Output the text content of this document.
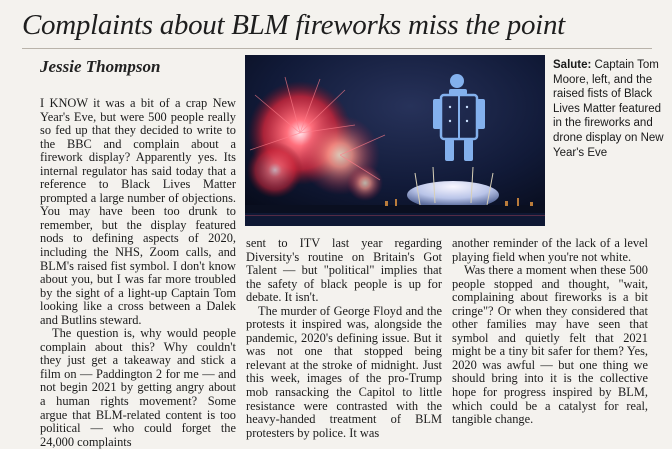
Complaints about BLM fireworks miss the point
Jessie Thompson	Salute: Captain Tom Moore, left, and the raised fists of Black Lives Matter featured in the fireworks and drone display on New Year's Eve

I KNOW it was a bit of a crap New Year's Eve, but were 500 people really so fed up that they decided to write to the BBC and complain about a firework display? Apparently yes. Its internal regulator has said today that a reference to Black Lives Matter prompted a large number of objections. You may have been too drunk to remember, but the display featured nods to defining aspects of 2020, including the NHS, Zoom calls, and BLM's raised fist symbol. I don't know about you, but I was far more troubled by the sight of a light-up Captain Tom looking like a cross between a Dalek and Butlins steward.

The question is, why would people complain about this? Why couldn't they just get a takeaway and stick a film on — Paddington 2 for me — and not begin 2021 by getting angry about a human rights movement? Some argue that BLM-related content is too political — who could forget the 24,000 complaints

sent to ITV last year regarding Diversity's routine on Britain's Got Talent — but "political" implies that the safety of black people is up for debate. It isn't.

The murder of George Floyd and the protests it inspired was, alongside the pandemic, 2020's defining issue. But it was not one that stopped being relevant at the stroke of midnight. Just this week, images of the pro-Trump mob ransacking the Capitol to little resistance were contrasted with the heavy-handed treatment of BLM protesters by police. It was

another reminder of the lack of a level playing field when you're not white.

Was there a moment when these 500 people stopped and thought, "wait, complaining about fireworks is a bit cringe"? Or when they considered that other families may have seen that symbol and quietly felt that 2021 might be a tiny bit safer for them? Yes, 2020 was awful — but one thing we should bring into it is the collective hope for progress inspired by BLM, which could be a catalyst for real, tangible change.
